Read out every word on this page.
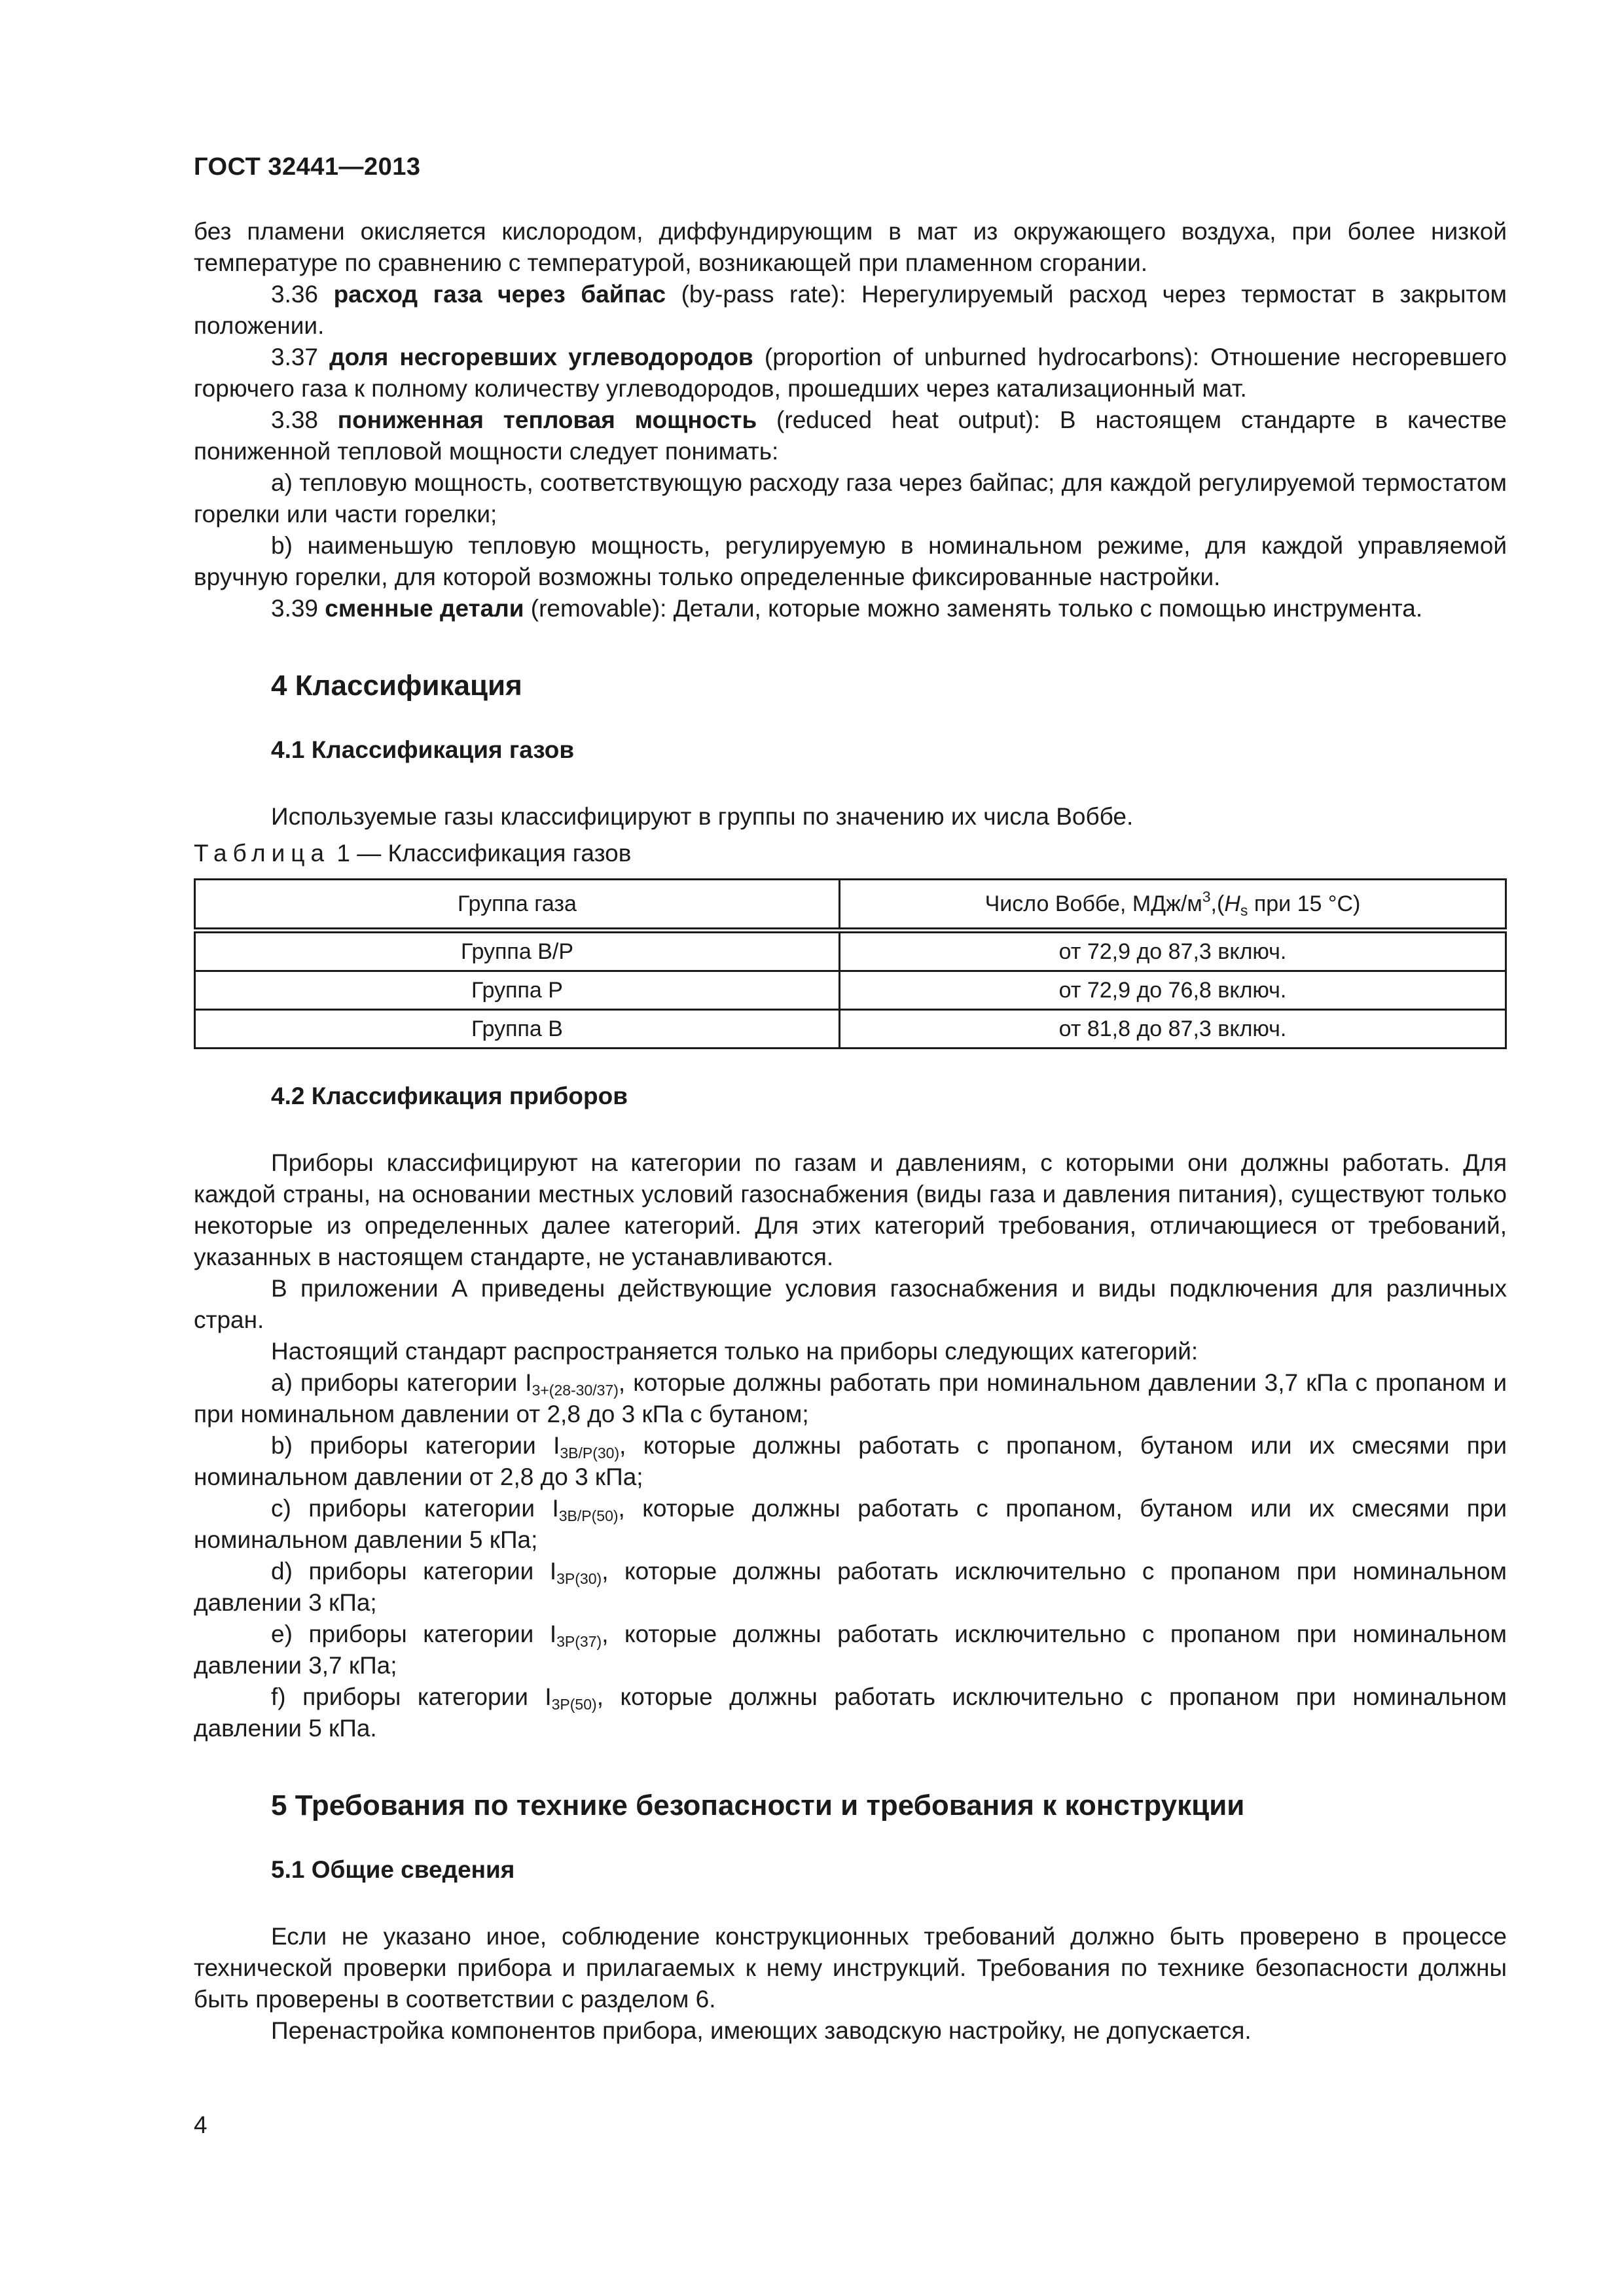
ГОСТ 32441—2013

без пламени окисляется кислородом, диффундирующим в мат из окружающего воздуха, при более низкой температуре по сравнению с температурой, возникающей при пламенном сгорании.

3.36 расход газа через байпас (by-pass rate): Нерегулируемый расход через термостат в закрытом положении.

3.37 доля несгоревших углеводородов (proportion of unburned hydrocarbons): Отношение несгоревшего горючего газа к полному количеству углеводородов, прошедших через катализационный мат.

3.38 пониженная тепловая мощность (reduced heat output): В настоящем стандарте в качестве пониженной тепловой мощности следует понимать:

а) тепловую мощность, соответствующую расходу газа через байпас; для каждой регулируемой термостатом горелки или части горелки;

b) наименьшую тепловую мощность, регулируемую в номинальном режиме, для каждой управляемой вручную горелки, для которой возможны только определенные фиксированные настройки.

3.39 сменные детали (removable): Детали, которые можно заменять только с помощью инструмента.

4 Классификация

4.1 Классификация газов

Используемые газы классифицируют в группы по значению их числа Воббе.

Таблица 1 — Классификация газов

Группа газа	Число Воббе, МДж/$м^3,(H_s$ при 15 °С)
Группа В/Р	от 72,9 до 87,3 включ.
Группа Р	от 72,9 до 76,8 включ.
Группа В	от 81,8 до 87,3 включ.

4.2 Классификация приборов

Приборы классифицируют на категории по газам и давлениям, с которыми они должны работать. Для каждой страны, на основании местных условий газоснабжения (виды газа и давления питания), существуют только некоторые из определенных далее категорий. Для этих категорий требования, отличающиеся от требований, указанных в настоящем стандарте, не устанавливаются.

В приложении А приведены действующие условия газоснабжения и виды подключения для различных стран.

Настоящий стандарт распространяется только на приборы следующих категорий:

а) приборы категории $I_{3+(28-30/37)}$, которые должны работать при номинальном давлении 3,7 кПа с пропаном и при номинальном давлении от 2,8 до 3 кПа с бутаном;

b) приборы категории $I_{3В/Р(30)}$, которые должны работать с пропаном, бутаном или их смесями при номинальном давлении от 2,8 до 3 кПа;

с) приборы категории $I_{3В/Р(50)}$, которые должны работать с пропаном, бутаном или их смесями при номинальном давлении 5 кПа;

d) приборы категории $I_{3Р(30)}$, которые должны работать исключительно с пропаном при номинальном давлении 3 кПа;

е) приборы категории $I_{3Р(37)}$, которые должны работать исключительно с пропаном при номинальном давлении 3,7 кПа;

f) приборы категории $I_{3Р(50)}$, которые должны работать исключительно с пропаном при номинальном давлении 5 кПа.

5 Требования по технике безопасности и требования к конструкции

5.1 Общие сведения

Если не указано иное, соблюдение конструкционных требований должно быть проверено в процессе технической проверки прибора и прилагаемых к нему инструкций. Требования по технике безопасности должны быть проверены в соответствии с разделом 6.

Перенастройка компонентов прибора, имеющих заводскую настройку, не допускается.

4
